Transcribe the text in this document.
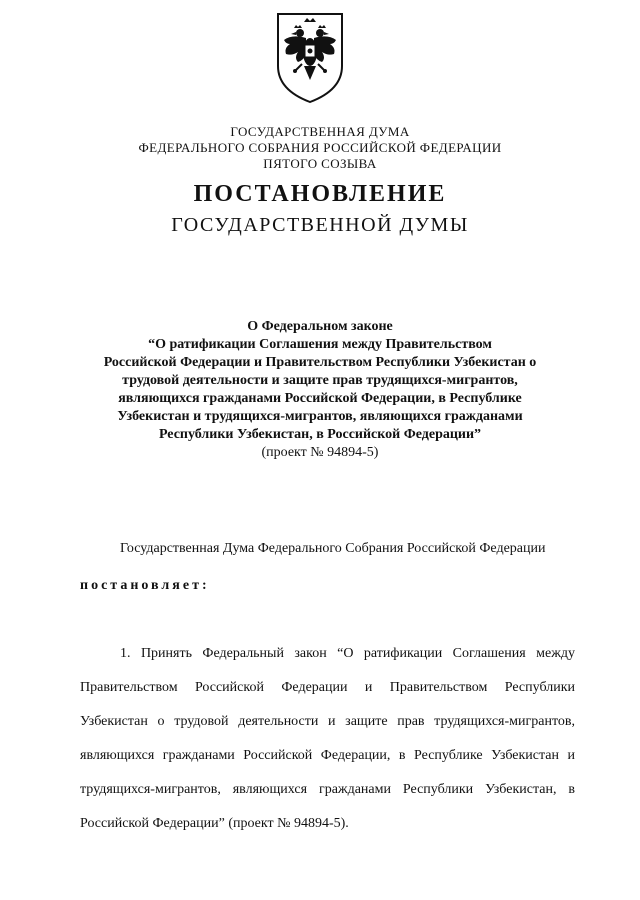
ГОСУДАРСТВЕННАЯ ДУМА
ФЕДЕРАЛЬНОГО СОБРАНИЯ РОССИЙСКОЙ ФЕДЕРАЦИИ
ПЯТОГО СОЗЫВА
ПОСТАНОВЛЕНИЕ
ГОСУДАРСТВЕННОЙ ДУМЫ
О Федеральном законе
“О ратификации Соглашения между Правительством
Российской Федерации и Правительством Республики Узбекистан о
трудовой деятельности и защите прав трудящихся-мигрантов,
являющихся гражданами Российской Федерации, в Республике
Узбекистан и трудящихся-мигрантов, являющихся гражданами
Республики Узбекистан, в Российской Федерации”
(проект № 94894-5)
Государственная Дума Федерального Собрания Российской Федерации
постановляет:
1. Принять Федеральный закон “О ратификации Соглашения между
Правительством Российской Федерации и Правительством Республики
Узбекистан о трудовой деятельности и защите прав трудящихся-мигрантов,
являющихся гражданами Российской Федерации, в Республике Узбекистан и
трудящихся-мигрантов, являющихся гражданами Республики Узбекистан, в
Российской Федерации” (проект № 94894-5).
